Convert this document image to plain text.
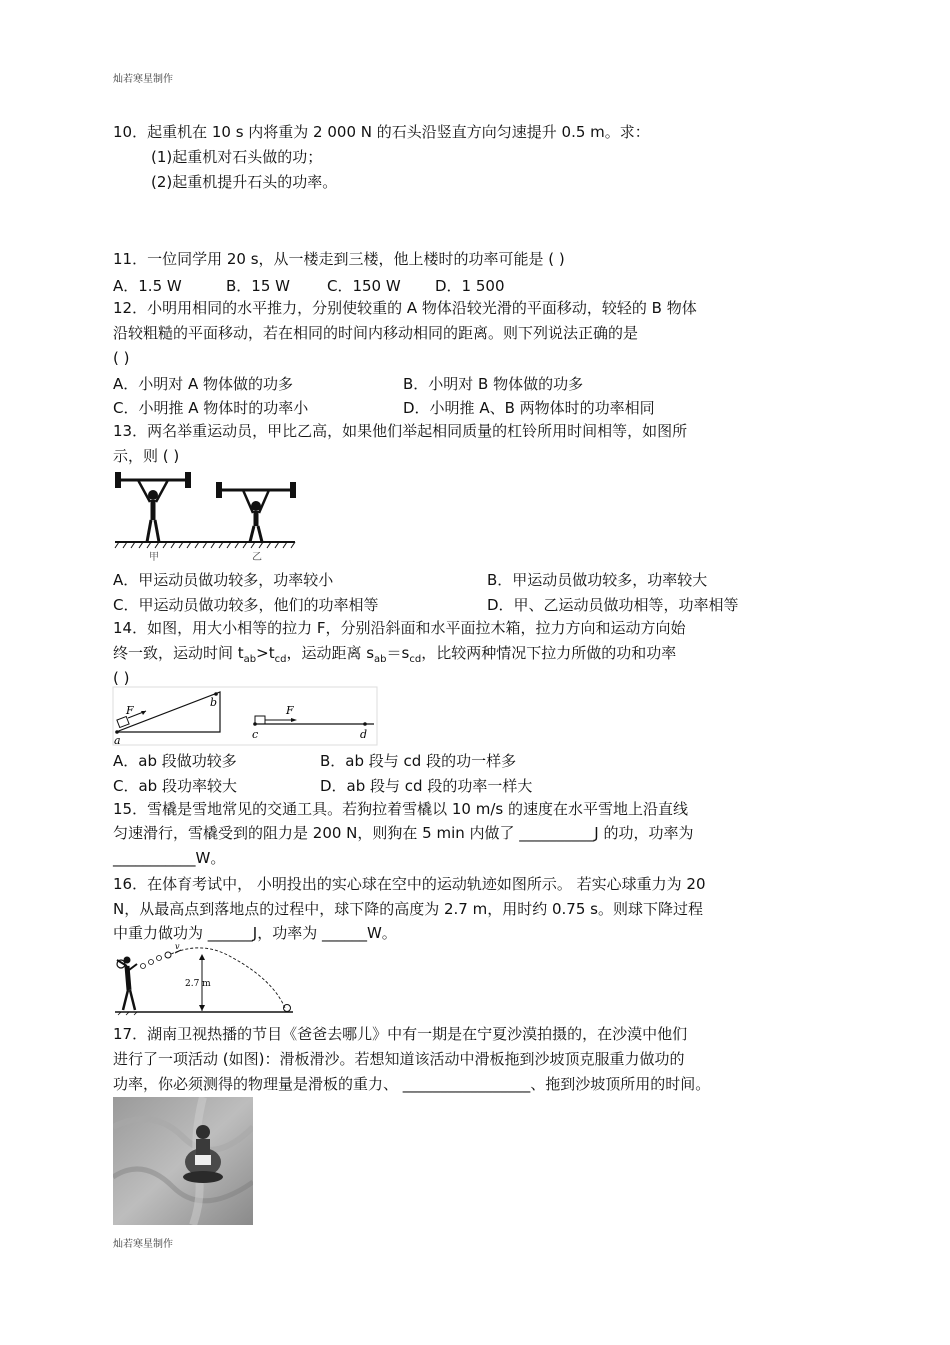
灿若寒星制作
10．起重机在 10 s 内将重为 2 000 N 的石头沿竖直方向匀速提升 0.5 m。求：
(1)起重机对石头做的功；
(2)起重机提升石头的功率。
11．一位同学用 20 s，从一楼走到三楼，他上楼时的功率可能是 ( )
A．1.5 W	B．15 W C．150 W D．1 500
12．小明用相同的水平推力，分别使较重的 A 物体沿较光滑的平面移动，较轻的 B 物体
沿较粗糙的平面移动，若在相同的时间内移动相同的距离。则下列说法正确的是
( )
A．小明对 A 物体做的功多	B．小明对 B 物体做的功多
C．小明推 A 物体时的功率小	D．小明推 A、B 两物体时的功率相同
13．两名举重运动员，甲比乙高，如果他们举起相同质量的杠铃所用时间相等，如图所
示，则 ( )
甲	乙
A．甲运动员做功较多，功率较小	B．甲运动员做功较多，功率较大
C．甲运动员做功较多，他们的功率相等	D．甲、乙运动员做功相等，功率相等
14．如图，用大小相等的拉力 F，分别沿斜面和水平面拉木箱，拉力方向和运动方向始
终一致，运动时间 $t_{ab}>t_{cd}$，运动距离 $s_{ab}=s_{cd}$，比较两种情况下拉力所做的功和功率
( )
F
b
a
F
c	d
A．ab 段做功较多	B．ab 段与 cd 段的功一样多
C．ab 段功率较大	D．ab 段与 cd 段的功率一样大
15．雪橇是雪地常见的交通工具。若狗拉着雪橇以 10 m/s 的速度在水平雪地上沿直线
匀速滑行，雪橇受到的阻力是 200 N，则狗在 5 min 内做了 __________J 的功，功率为
___________W。
16．在体育考试中， 小明投出的实心球在空中的运动轨迹如图所示。 若实心球重力为 20
N，从最高点到落地点的过程中，球下降的高度为 2.7 m，用时约 0.75 s。则球下降过程
中重力做功为 ______J，功率为 ______W。
v
2.7 m
17．湖南卫视热播的节目《爸爸去哪儿》中有一期是在宁夏沙漠拍摄的，在沙漠中他们
进行了一项活动 (如图)：滑板滑沙。若想知道该活动中滑板拖到沙坡顶克服重力做功的
功率，你必须测得的物理量是滑板的重力、 _________________、拖到沙坡顶所用的时间。
灿若寒星制作
